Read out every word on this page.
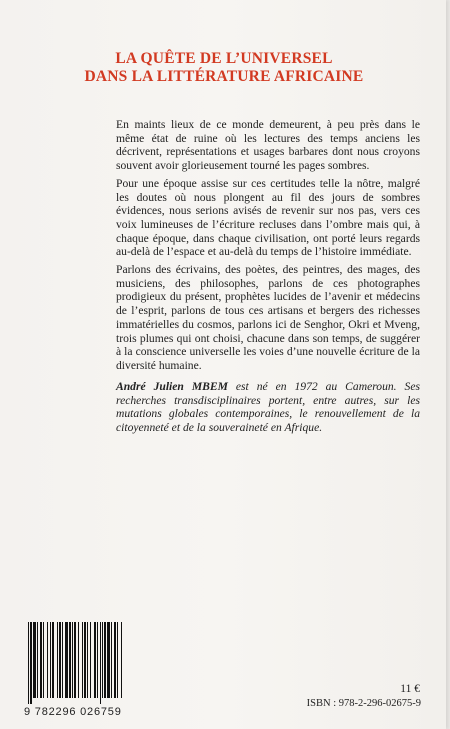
LA QUÊTE DE L’UNIVERSEL
DANS LA LITTÉRATURE AFRICAINE

En maints lieux de ce monde demeurent, à peu près dans le même état de ruine où les lectures des temps anciens les décrivent, représentations et usages barbares dont nous croyons souvent avoir glorieusement tourné les pages sombres.

Pour une époque assise sur ces certitudes telle la nôtre, malgré les doutes où nous plongent au fil des jours de sombres évidences, nous serions avisés de revenir sur nos pas, vers ces voix lumineuses de l’écriture recluses dans l’ombre mais qui, à chaque époque, dans chaque civilisation, ont porté leurs regards au-delà de l’espace et au-delà du temps de l’histoire immédiate.

Parlons des écrivains, des poètes, des peintres, des mages, des musiciens, des philosophes, parlons de ces photographes prodigieux du présent, prophètes lucides de l’avenir et médecins de l’esprit, parlons de tous ces artisans et bergers des richesses immatérielles du cosmos, parlons ici de Senghor, Okri et Mveng, trois plumes qui ont choisi, chacune dans son temps, de suggérer à la conscience universelle les voies d’une nouvelle écriture de la diversité humaine.

André Julien MBEM est né en 1972 au Cameroun. Ses recherches transdisciplinaires portent, entre autres, sur les mutations globales contemporaines, le renouvellement de la citoyenneté et de la souveraineté en Afrique.
9 782296 026759
11 €
ISBN : 978-2-296-02675-9
